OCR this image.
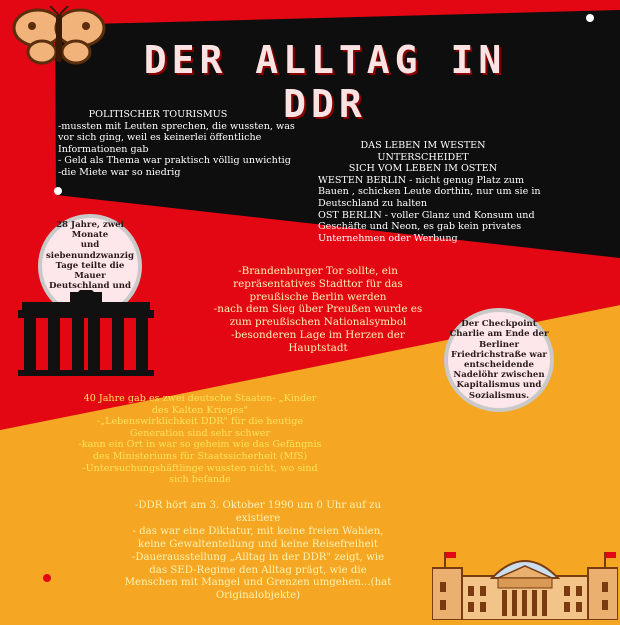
DER ALLTAG IN DDR
POLITISCHER TOURISMUS
-mussten mit Leuten sprechen, die wussten, was
vor sich ging, weil es keinerlei öffentliche
Informationen gab
- Geld als Thema war praktisch völlig unwichtig
-die Miete war so niedrig
DAS LEBEN IM WESTEN UNTERSCHEIDET
SICH VOM LEBEN IM OSTEN
WESTEN BERLIN - nicht genug Platz zum
Bauen , schicken Leute dorthin, nur um sie in
Deutschland zu halten
OST BERLIN - voller Glanz und Konsum und
Geschäfte und Neon, es gab kein privates
Unternehmen oder Werbung
28 Jahre, zwei Monate
und
siebenundzwanzig
Tage teilte die Mauer
Deutschland und
-Brandenburger Tor sollte, ein
repräsentatives Stadttor für das
preußische Berlin werden
-nach dem Sieg über Preußen wurde es
zum preußischen Nationalsymbol
-besonderen Lage im Herzen der
Hauptstadt
Der Checkpoint
Charlie am Ende der
Berliner
Friedrichstraße war
entscheidende
Nadelöhr zwischen
Kapitalismus und
Sozialismus.
40 Jahre gab es zwei deutsche Staaten- „Kinder
des Kalten Krieges"
-„Lebenswirklichkeit DDR" für die heutige
Generation sind sehr schwer
-kann ein Ort in war so geheim wie das Gefängnis
des Ministeriums für Staatssicherheit (MfS)
-Untersuchungshäftlinge wussten nicht, wo sind
sich befande
-DDR hört am 3. Oktober 1990 um 0 Uhr auf zu
existiere
- das war eine Diktatur, mit keine freien Wahlen,
keine Gewaltenteilung und keine Reisefreiheit
-Dauerausstellung „Alltag in der DDR" zeigt, wie
das SED-Regime den Alltag prägt, wie die
Menschen mit Mangel und Grenzen umgehen...(hat
Originalobjekte)
